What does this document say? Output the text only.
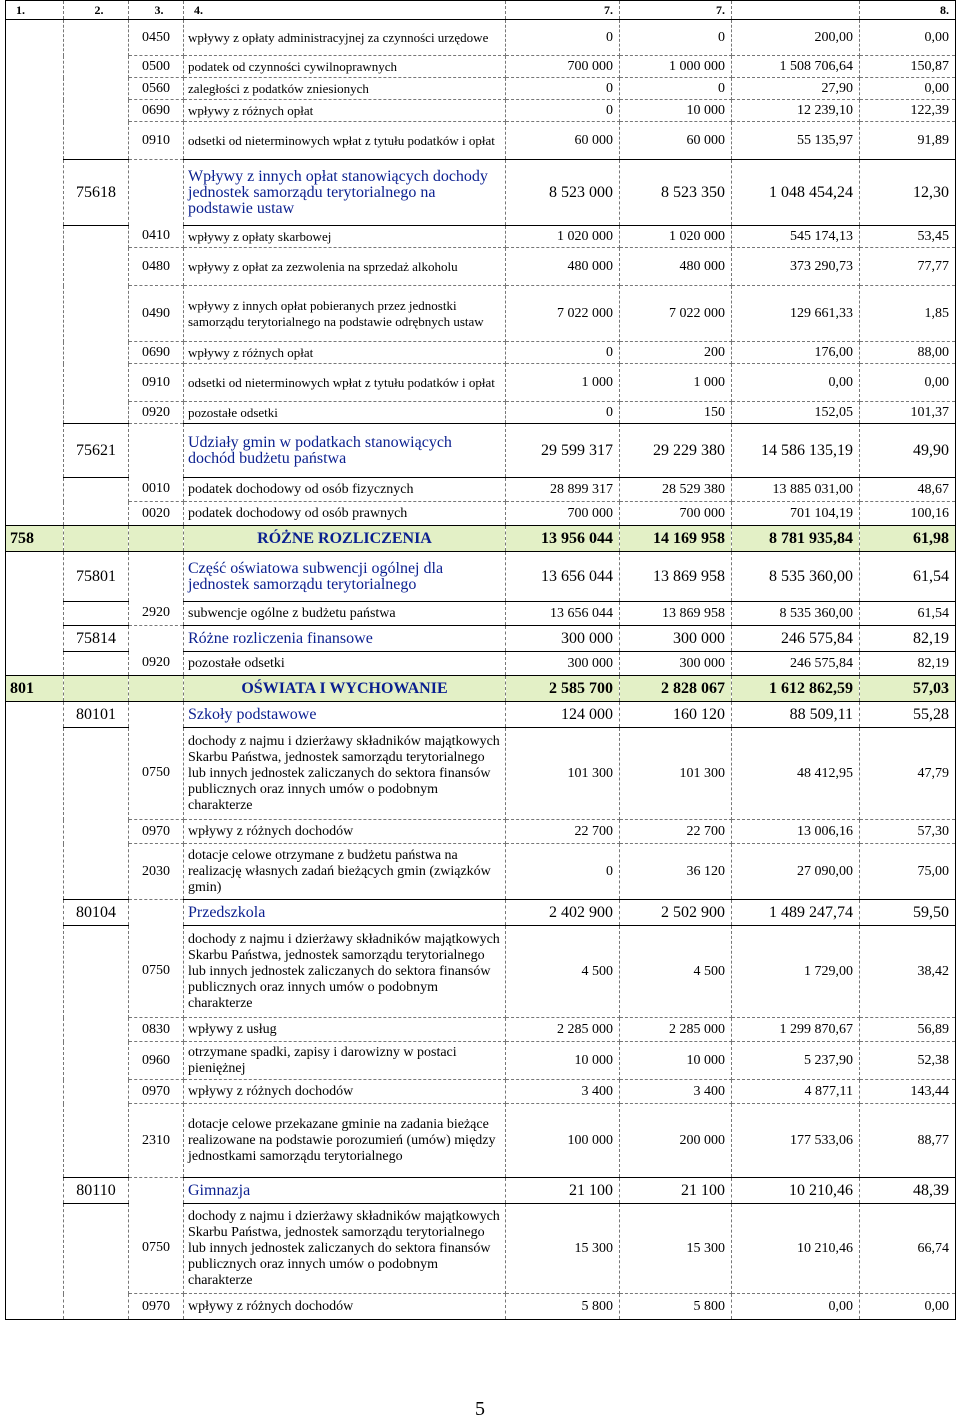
1.	2.	3.	4.	7.	7.		8.
		0450	wpływy z opłaty administracyjnej za czynności urzędowe	0	0	200,00	0,00
		0500	podatek od czynności cywilnoprawnych	700 000	1 000 000	1 508 706,64	150,87
		0560	zaległości z podatków zniesionych	0	0	27,90	0,00
		0690	wpływy z różnych opłat	0	10 000	12 239,10	122,39
		0910	odsetki od nieterminowych wpłat z tytułu podatków i opłat	60 000	60 000	55 135,97	91,89
	75618		Wpływy z innych opłat stanowiących dochody jednostek samorządu terytorialnego na podstawie ustaw	8 523 000	8 523 350	1 048 454,24	12,30
		0410	wpływy z opłaty skarbowej	1 020 000	1 020 000	545 174,13	53,45
		0480	wpływy z opłat za zezwolenia na sprzedaż alkoholu	480 000	480 000	373 290,73	77,77
		0490	wpływy z innych opłat pobieranych przez jednostki samorządu terytorialnego na podstawie odrębnych ustaw	7 022 000	7 022 000	129 661,33	1,85
		0690	wpływy z różnych opłat	0	200	176,00	88,00
		0910	odsetki od nieterminowych wpłat z tytułu podatków i opłat	1 000	1 000	0,00	0,00
		0920	pozostałe odsetki	0	150	152,05	101,37
	75621		Udziały gmin w podatkach stanowiących dochód budżetu państwa	29 599 317	29 229 380	14 586 135,19	49,90
		0010	podatek dochodowy od osób fizycznych	28 899 317	28 529 380	13 885 031,00	48,67
		0020	podatek dochodowy od osób prawnych	700 000	700 000	701 104,19	100,16
758			RÓŻNE ROZLICZENIA	13 956 044	14 169 958	8 781 935,84	61,98
	75801		Część oświatowa subwencji ogólnej dla jednostek samorządu terytorialnego	13 656 044	13 869 958	8 535 360,00	61,54
		2920	subwencje ogólne z budżetu państwa	13 656 044	13 869 958	8 535 360,00	61,54
	75814		Różne rozliczenia finansowe	300 000	300 000	246 575,84	82,19
		0920	pozostałe odsetki	300 000	300 000	246 575,84	82,19
801			OŚWIATA I WYCHOWANIE	2 585 700	2 828 067	1 612 862,59	57,03
	80101		Szkoły podstawowe	124 000	160 120	88 509,11	55,28
		0750	dochody z najmu i dzierżawy składników majątkowych Skarbu Państwa, jednostek samorządu terytorialnego lub innych jednostek zaliczanych do sektora finansów publicznych oraz innych umów o podobnym charakterze	101 300	101 300	48 412,95	47,79
		0970	wpływy z różnych dochodów	22 700	22 700	13 006,16	57,30
		2030	dotacje celowe otrzymane z budżetu państwa na realizację własnych zadań bieżących gmin (związków gmin)	0	36 120	27 090,00	75,00
	80104		Przedszkola	2 402 900	2 502 900	1 489 247,74	59,50
		0750	dochody z najmu i dzierżawy składników majątkowych Skarbu Państwa, jednostek samorządu terytorialnego lub innych jednostek zaliczanych do sektora finansów publicznych oraz innych umów o podobnym charakterze	4 500	4 500	1 729,00	38,42
		0830	wpływy z usług	2 285 000	2 285 000	1 299 870,67	56,89
		0960	otrzymane spadki, zapisy i darowizny w postaci pieniężnej	10 000	10 000	5 237,90	52,38
		0970	wpływy z różnych dochodów	3 400	3 400	4 877,11	143,44
		2310	dotacje celowe przekazane gminie na zadania bieżące realizowane na podstawie porozumień (umów) między jednostkami samorządu terytorialnego	100 000	200 000	177 533,06	88,77
	80110		Gimnazja	21 100	21 100	10 210,46	48,39
		0750	dochody z najmu i dzierżawy składników majątkowych Skarbu Państwa, jednostek samorządu terytorialnego lub innych jednostek zaliczanych do sektora finansów publicznych oraz innych umów o podobnym charakterze	15 300	15 300	10 210,46	66,74
		0970	wpływy z różnych dochodów	5 800	5 800	0,00	0,00
5
